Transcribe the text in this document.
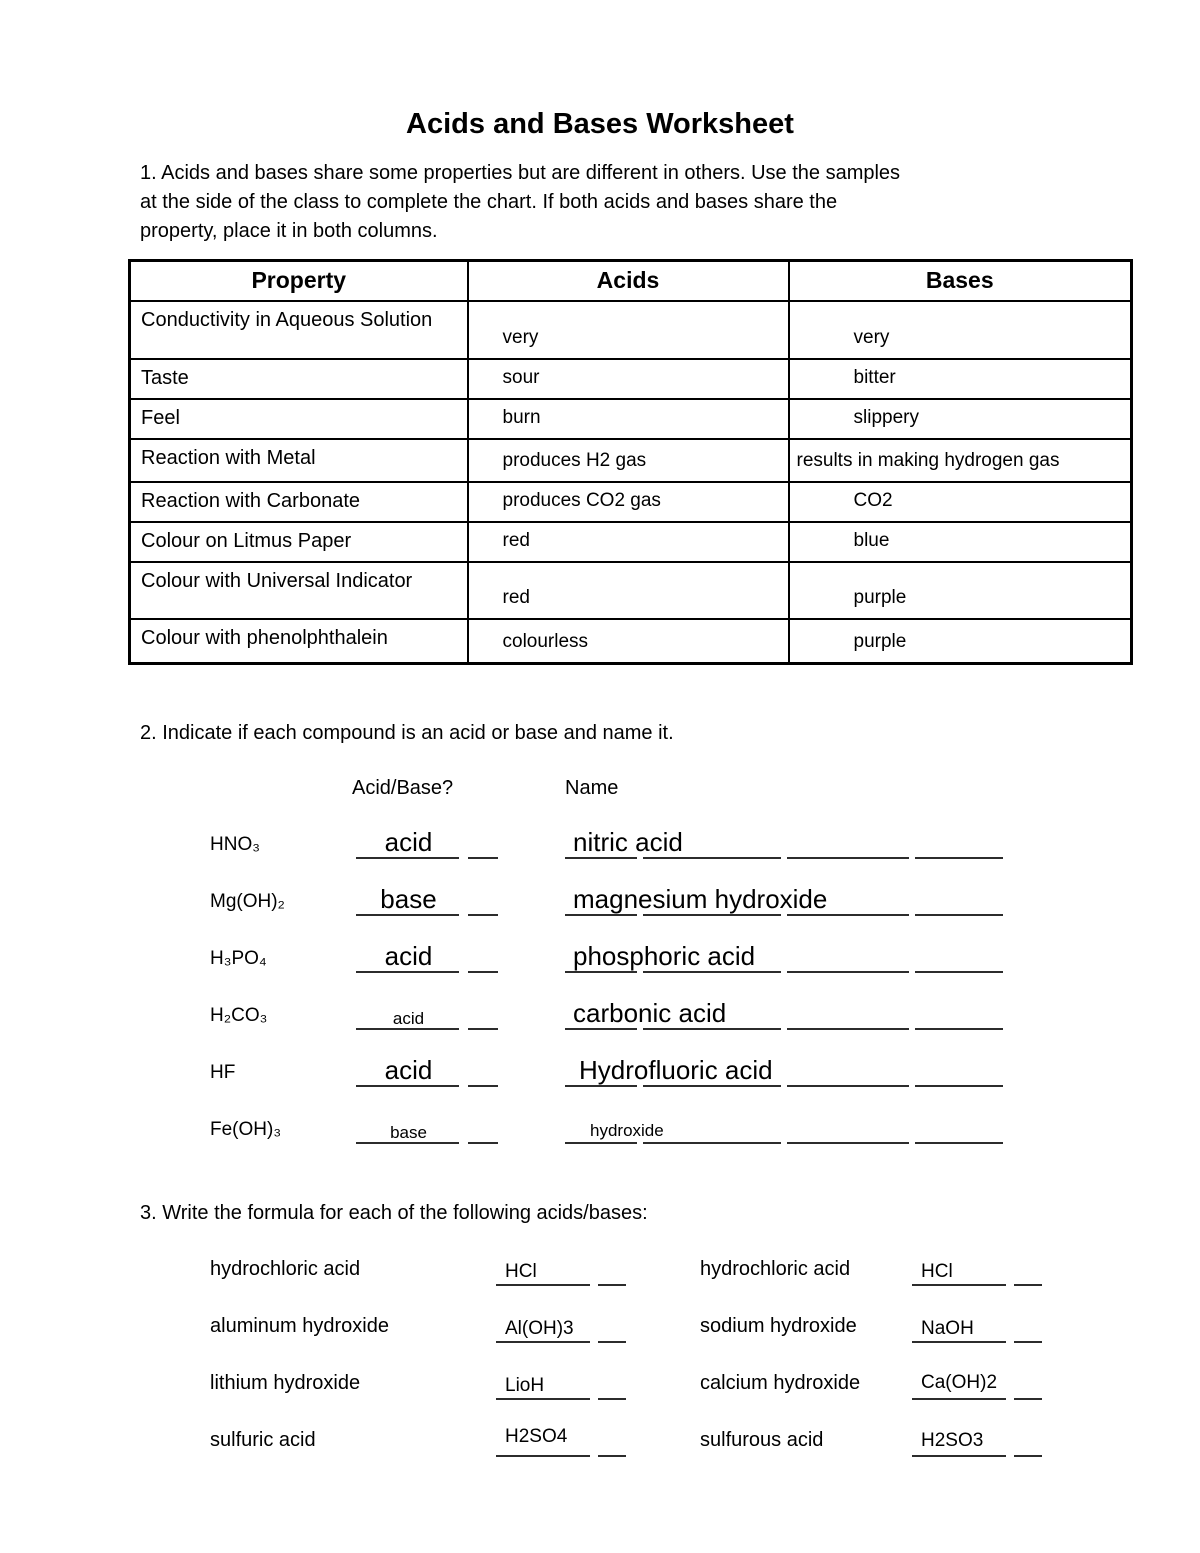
Acids and Bases Worksheet
1. Acids and bases share some properties but are different in others. Use the samples
at the side of the class to complete the chart. If both acids and bases share the
property, place it in both columns.
Property	Acids	Bases
Conductivity in Aqueous Solution	very	very
Taste	sour	bitter
Feel	burn	slippery
Reaction with Metal	produces H2 gas	results in making hydrogen gas
Reaction with Carbonate	produces CO2 gas	CO2
Colour on Litmus Paper	red	blue
Colour with Universal Indicator	red	purple
Colour with phenolphthalein	colourless	purple
2. Indicate if each compound is an acid or base and name it.
Acid/Base?	Name
HNO₃	acid	nitric acid
Mg(OH)₂	base	magnesium hydroxide
H₃PO₄	acid	phosphoric acid
H₂CO₃	acid	carbonic acid
HF	acid	Hydrofluoric acid
Fe(OH)₃	base	hydroxide
3. Write the formula for each of the following acids/bases:
hydrochloric acid	HCl	hydrochloric acid	HCl
aluminum hydroxide	Al(OH)3	sodium hydroxide	NaOH
lithium hydroxide	LioH	calcium hydroxide	Ca(OH)2
sulfuric acid	H2SO4	sulfurous acid	H2SO3
